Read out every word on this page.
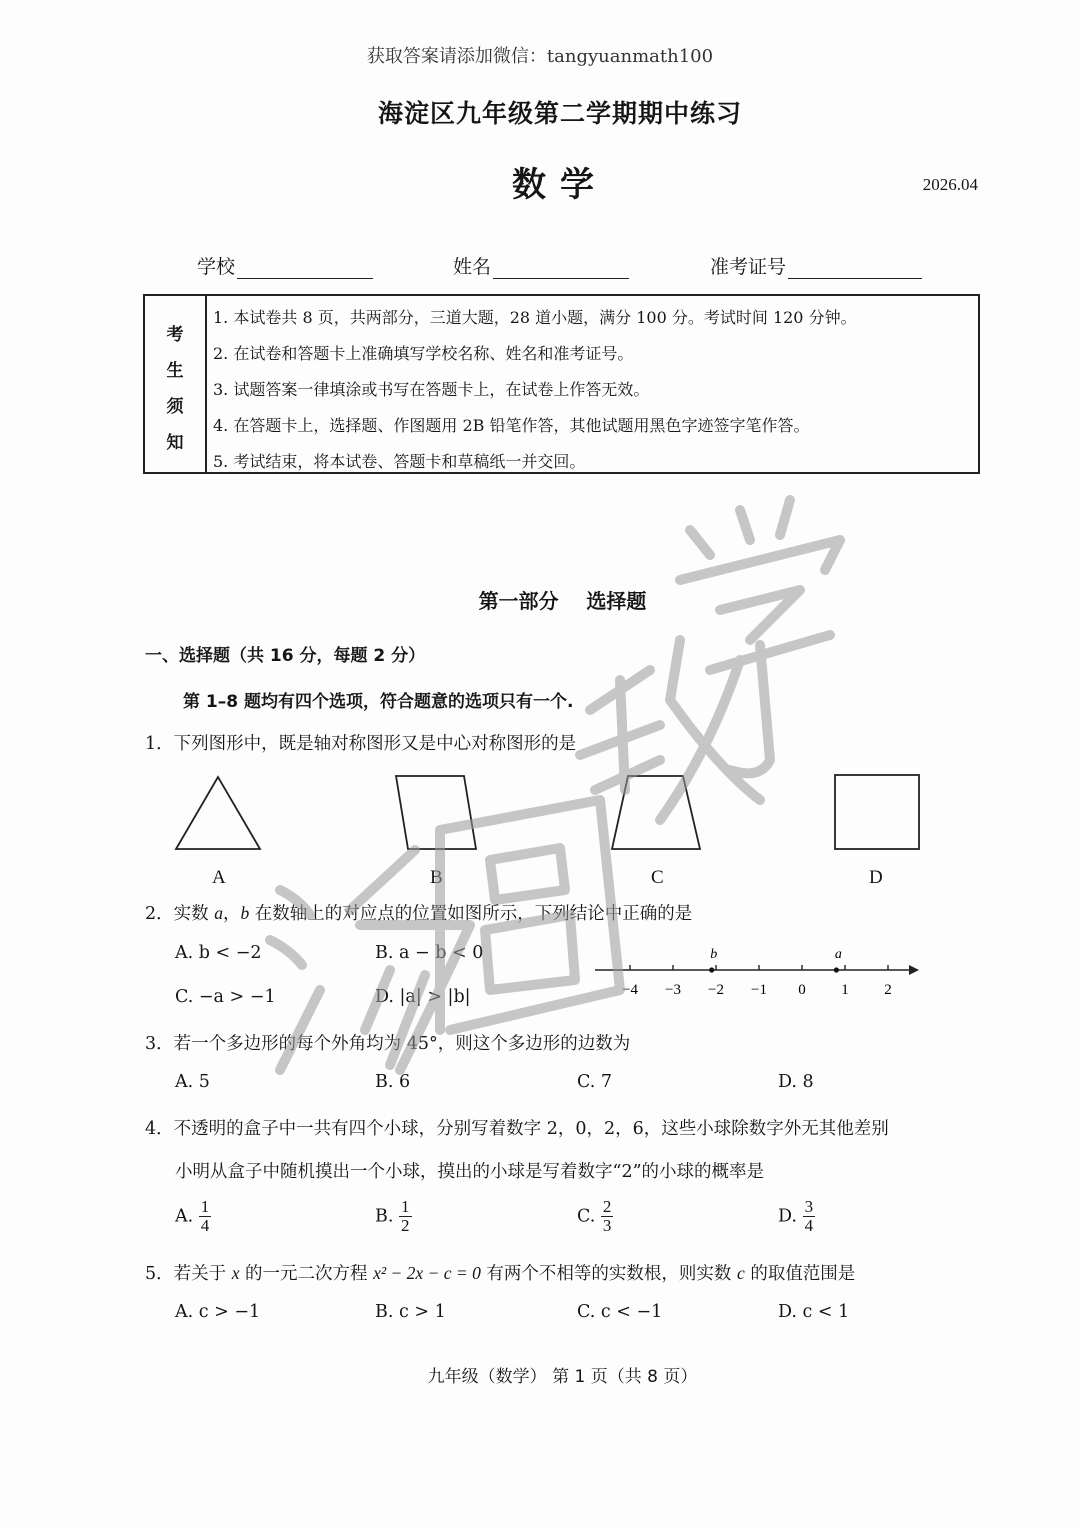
获取答案请添加微信：tangyuanmath100
海淀区九年级第二学期期中练习
数学	2026.04
学校	姓名	准考证号
考
生
须
知
1. 本试卷共 8 页，共两部分，三道大题，28 道小题，满分 100 分。考试时间 120 分钟。
2. 在试卷和答题卡上准确填写学校名称、姓名和准考证号。
3. 试题答案一律填涂或书写在答题卡上，在试卷上作答无效。
4. 在答题卡上，选择题、作图题用 2B 铅笔作答，其他试题用黑色字迹签字笔作答。
5. 考试结束，将本试卷、答题卡和草稿纸一并交回。
第一部分    选择题
一、选择题（共 16 分，每题 2 分）
第 1–8 题均有四个选项，符合题意的选项只有一个.
1．下列图形中，既是轴对称图形又是中心对称图形的是
A	B	C	D
2．实数 a，b 在数轴上的对应点的位置如图所示，下列结论中正确的是
A. b < −2	B. a − b < 0
C. −a > −1	D. |a| > |b|	−4 −3 −2 −1 0 1 2
b	a
3．若一个多边形的每个外角均为 45°，则这个多边形的边数为
A. 5	B. 6	C. 7	D. 8
4．不透明的盒子中一共有四个小球，分别写着数字 2，0，2，6，这些小球除数字外无其他差别
小明从盒子中随机摸出一个小球，摸出的小球是写着数字“2”的小球的概率是
A. $\frac{1}{4}$	B. $\frac{1}{2}$	C. $\frac{2}{3}$	D. $\frac{3}{4}$
5．若关于 x 的一元二次方程 x² − 2x − c = 0 有两个不相等的实数根，则实数 c 的取值范围是
A. c > −1	B. c > 1	C. c < −1	D. c < 1
九年级（数学） 第 1 页（共 8 页）
